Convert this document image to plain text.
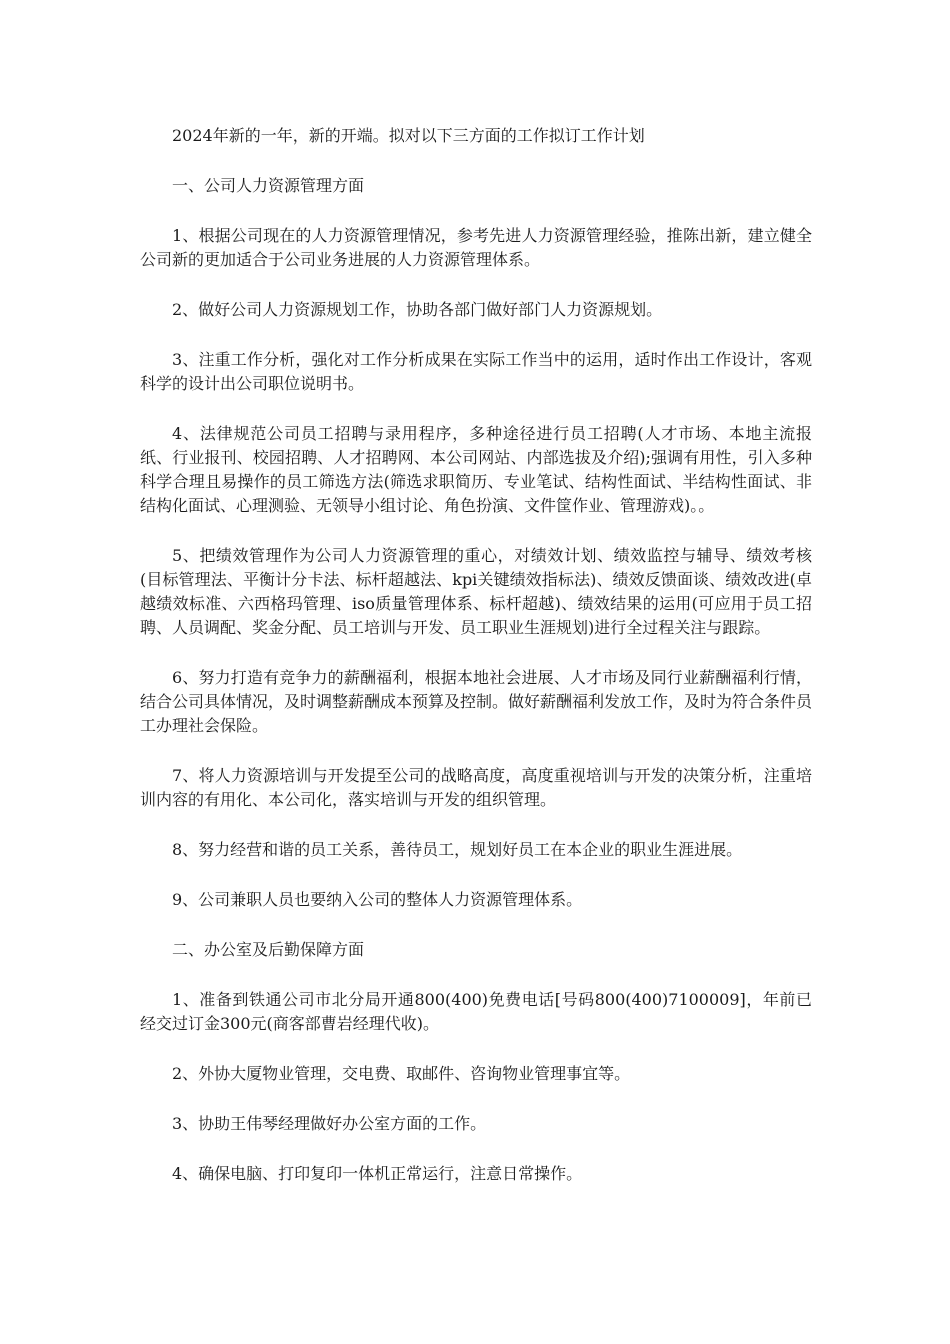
2024年新的一年，新的开端。拟对以下三方面的工作拟订工作计划

一、公司人力资源管理方面

1、根据公司现在的人力资源管理情况，参考先进人力资源管理经验，推陈出新，建立健全公司新的更加适合于公司业务进展的人力资源管理体系。

2、做好公司人力资源规划工作，协助各部门做好部门人力资源规划。

3、注重工作分析，强化对工作分析成果在实际工作当中的运用，适时作出工作设计，客观科学的设计出公司职位说明书。

4、法律规范公司员工招聘与录用程序，多种途径进行员工招聘(人才市场、本地主流报纸、行业报刊、校园招聘、人才招聘网、本公司网站、内部选拔及介绍);强调有用性，引入多种科学合理且易操作的员工筛选方法(筛选求职简历、专业笔试、结构性面试、半结构性面试、非结构化面试、心理测验、无领导小组讨论、角色扮演、文件筐作业、管理游戏)。。

5、把绩效管理作为公司人力资源管理的重心，对绩效计划、绩效监控与辅导、绩效考核(目标管理法、平衡计分卡法、标杆超越法、kpi关键绩效指标法)、绩效反馈面谈、绩效改进(卓越绩效标准、六西格玛管理、iso质量管理体系、标杆超越)、绩效结果的运用(可应用于员工招聘、人员调配、奖金分配、员工培训与开发、员工职业生涯规划)进行全过程关注与跟踪。

6、努力打造有竞争力的薪酬福利，根据本地社会进展、人才市场及同行业薪酬福利行情，结合公司具体情况，及时调整薪酬成本预算及控制。做好薪酬福利发放工作，及时为符合条件员工办理社会保险。

7、将人力资源培训与开发提至公司的战略高度，高度重视培训与开发的决策分析，注重培训内容的有用化、本公司化，落实培训与开发的组织管理。

8、努力经营和谐的员工关系，善待员工，规划好员工在本企业的职业生涯进展。

9、公司兼职人员也要纳入公司的整体人力资源管理体系。

二、办公室及后勤保障方面

1、准备到铁通公司市北分局开通800(400)免费电话[号码800(400)7100009]，年前已经交过订金300元(商客部曹岩经理代收)。

2、外协大厦物业管理，交电费、取邮件、咨询物业管理事宜等。

3、协助王伟琴经理做好办公室方面的工作。

4、确保电脑、打印复印一体机正常运行，注意日常操作。
